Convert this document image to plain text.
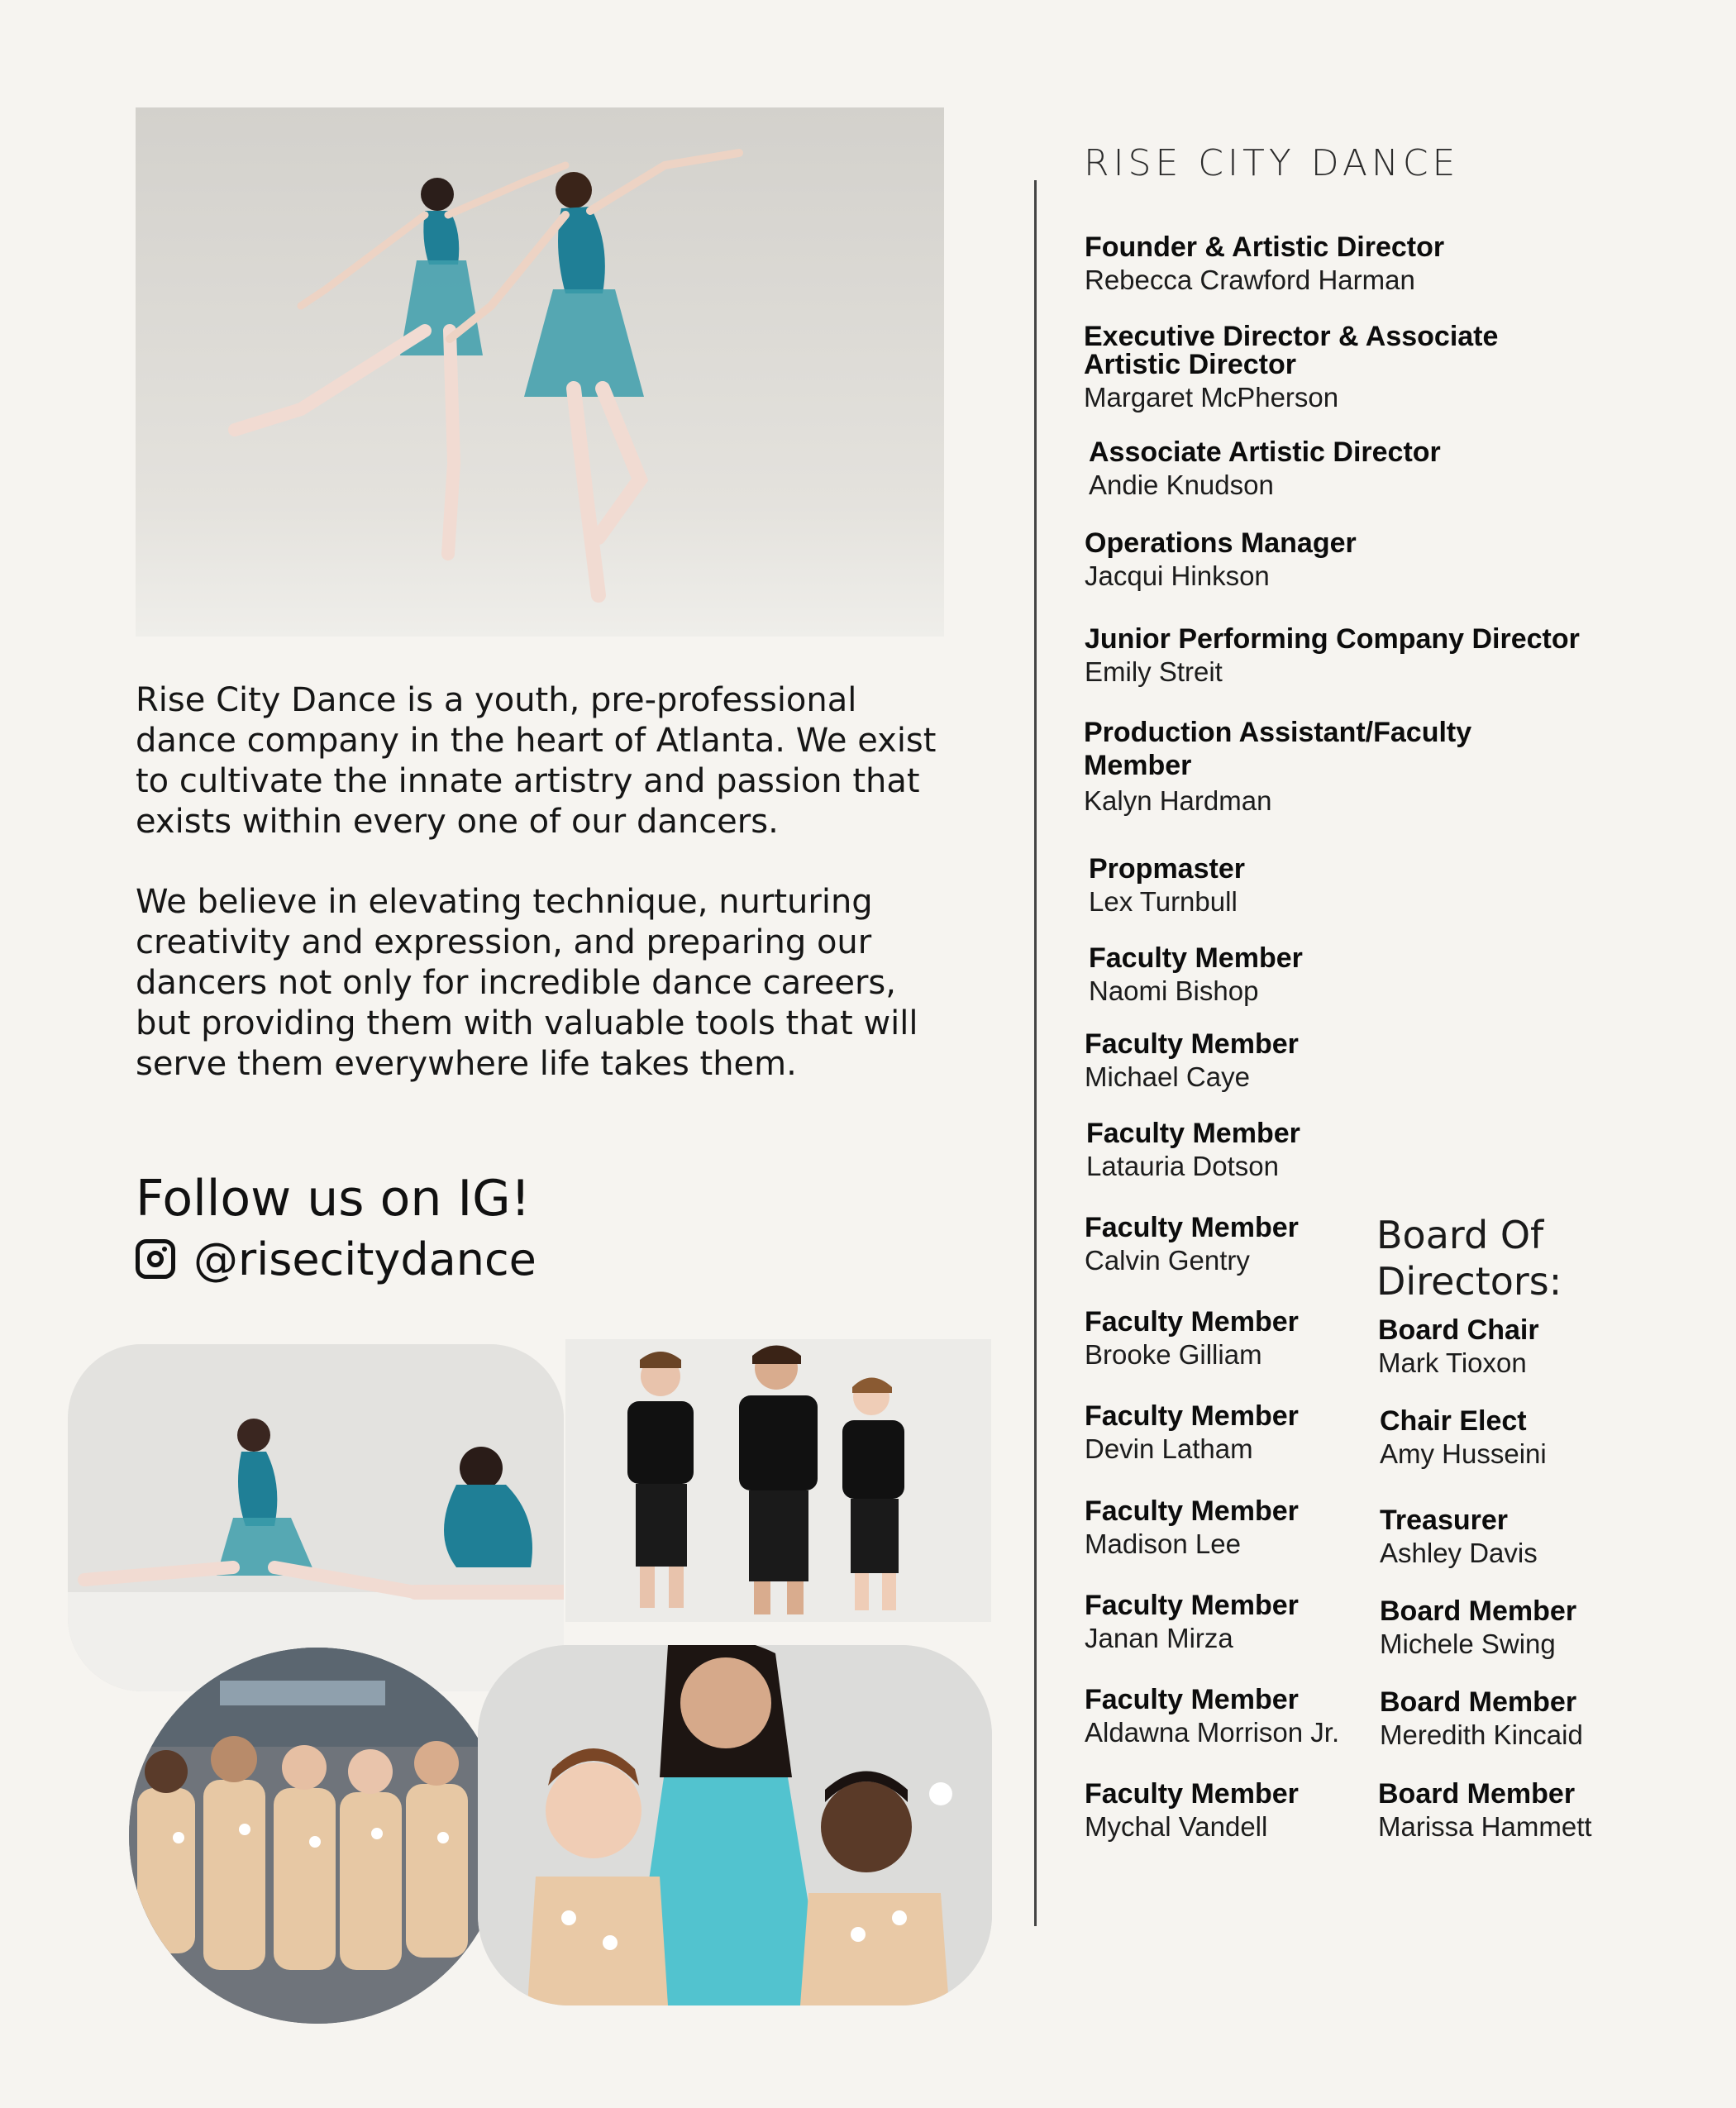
Rise City Dance is a youth, pre-professional dance company in the heart of Atlanta. We exist to cultivate the innate artistry and passion that exists within every one of our dancers.
We believe in elevating technique, nurturing creativity and expression, and preparing our dancers not only for incredible dance careers, but providing them with valuable tools that will serve them everywhere life takes them.
Follow us on IG!
@risecitydance
RISE CITY DANCE
Founder & Artistic Director
Rebecca Crawford Harman
Executive Director & Associate Artistic Director
Margaret McPherson
Associate Artistic Director
Andie Knudson
Operations Manager
Jacqui Hinkson
Junior Performing Company Director
Emily Streit
Production Assistant/Faculty Member
Kalyn Hardman
Propmaster
Lex Turnbull
Faculty Member
Naomi Bishop
Faculty Member
Michael Caye
Faculty Member
Latauria Dotson
Faculty Member
Calvin Gentry
Faculty Member
Brooke Gilliam
Faculty Member
Devin Latham
Faculty Member
Madison Lee
Faculty Member
Janan Mirza
Faculty Member
Aldawna Morrison Jr.
Faculty Member
Mychal Vandell
Board Of Directors:
Board Chair
Mark Tioxon
Chair Elect
Amy Husseini
Treasurer
Ashley Davis
Board Member
Michele Swing
Board Member
Meredith Kincaid
Board Member
Marissa Hammett
